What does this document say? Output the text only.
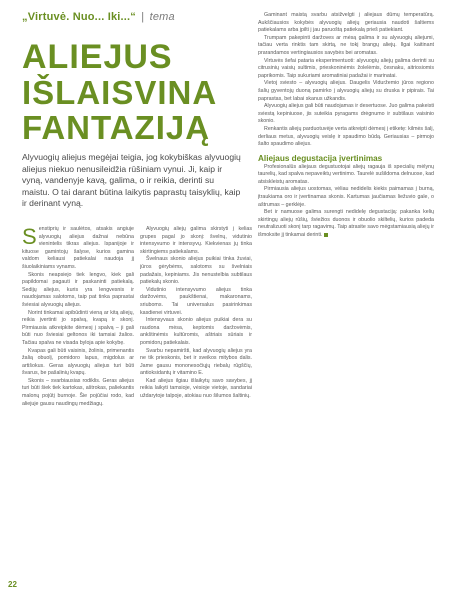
„Virtuvė. Nuo... Iki...“ | tema
ALIEJUS
IŠLAISVINA
FANTAZIJĄ

Alyvuogių aliejus megėjai teigia, jog kokybiškas alyvuogių aliejus niekuo nenusileidžia rūšiniam vynui. Ji, kaip ir vyną, vandenyje kavą, galima, o ir reikia, derinti su maistu. O tai darant būtina laikytis paprastų taisyklių, kaip ir derinant vyną.

Senstiprių ir saulėtos, atsakis angiuje alyvuogių aliejus dažnai nebūna vienintelis tikras aliejus. Ispanijoje ir kituose gamintojų šalyse, kurios gamina valdom keliausi patiekalai naudoja jį šiuolaikiniams vynams.

Skonis neapsiejo tiek lengvo, kiek gali papildomai pagauti ir paskaninti patiekalą. Sedijų aliejus, kuris yra lengvesnis ir naudojamas salotoms, taip pat tinka paprastai šviesiai alyvuogių aliejus.

Norint tinkamai apibūdinti vieną ar kitą aliejų, reikia įvertinti jo spalvą, kvapą ir skonį. Pirmiausia atkreipkite dėmesį į spalvą – ji gali būti nuo šviesiai geltonos iki tamsiai žalios. Tačiau spalva ne visada byloja apie kokybę.

Kvapas gali būti vaisinis, žolinis, primenantis žalią obuolį, pomidoro lapus, migdolus ar artišokus. Geras alyvuogių aliejus turi būti švarus, be pašalinių kvapų.

Skonis – svarbiausias rodiklis. Geras aliejus turi būti šiek tiek kartokas, aštrokas, paliekantis malonų pojūtį burnoje. Šie pojūčiai rodo, kad aliejuje gausu naudingų medžiagų.

Alyvuogių aliejų galima skirstyti į kelias grupes pagal jo skonį: švelnų, vidutinio intensyvumo ir intensyvų. Kiekvienas jų tinka skirtingiems patiekalams.

Švelnaus skonio aliejus puikiai tinka žuviai, jūros gėrybėms, salotoms su švelniais padažais, kepiniams. Jis nenustelbia subtilaus patiekalų skonio.

Vidutinio intensyvumo aliejus tinka daržovėms, paukštienai, makaronams, sriuboms. Tai universalus pasirinkimas kasdienei virtuvei.

Intensyvaus skonio aliejus puikiai dera su raudona mėsa, keptomis daržovėmis, ankštinėmis kultūromis, aštriais sūriais ir pomidorų patiekalais.

Svarbu nepamiršti, kad alyvuogių aliejus yra ne tik prieskonis, bet ir sveikos mitybos dalis. Jame gausu mononesočiųjų riebalų rūgščių, antioksidantų ir vitamino E.

Kad aliejus ilgiau išlaikytų savo savybes, jį reikia laikyti tamsioje, vėsioje vietoje, sandariai uždarytoje talpoje, atokiau nuo šilumos šaltinių.

Gaminant maistą svarbu atsižvelgti į aliejaus dūmų temperatūrą. Aukščiausios kokybės alyvuogių aliejų geriausia naudoti šaltiems patiekalams arba įpilti į jau paruoštą patiekalą prieš patiekiant.

Trumpam pakepinti daržoves ar mėsą galima ir su alyvuogių aliejumi, tačiau verta rinktis tam skirtą, ne tokį brangų aliejų. Ilgai kaitinant prarandamos vertingiausios savybės bei aromatas.

Virtuvės šefai pataria eksperimentuoti: alyvuogių aliejų galima derinti su citrusinių vaisių sultimis, prieskoninėmis žolelėmis, česnaku, aitriosiomis paprikomis. Taip sukuriami aromatiniai padažai ir marinatai.

Vietoj sviesto – alyvuogių aliejus. Daugelis Viduržemio jūros regiono šalių gyventojų duoną pamirko į alyvuogių aliejų su druska ir pipirais. Tai paprastas, bet labai skanus užkandis.

Alyvuogių aliejus gali būti naudojamas ir desertuose. Juo galima pakeisti sviestą kepiniuose, jis suteikia pyragams drėgnumo ir subtilaus vaisinio skonio.

Renkantis aliejų parduotuvėje verta atkreipti dėmesį į etiketę: kilmės šalį, derliaus metus, alyvuogių veislę ir spaudimo būdą. Geriausias – pirmojo šalto spaudimo aliejus.

Aliejaus degustacija įvertinimas

Profesionalūs aliejaus degustuotojai aliejų ragauja iš specialių mėlynų taurelių, kad spalva nepaveiktų vertinimo. Taurelė sušildoma delnuose, kad atsiskleistų aromatas.

Pirmiausia aliejus uostomas, vėliau nedidelis kiekis paimamas į burną, įtraukiama oro ir įvertinamas skonis. Kartumas jaučiamas liežuvio gale, o aštrumas – gerklėje.

Bet ir namuose galima surengti nedidelę degustaciją: pakanka kelių skirtingų aliejų rūšių, šviežios duonos ir obuolio skiltelių, kurios padeda neutralizuoti skonį tarp ragavimų. Taip atrasite savo mėgstamiausią aliejų ir išmoksite jį tinkamai derinti.

22
